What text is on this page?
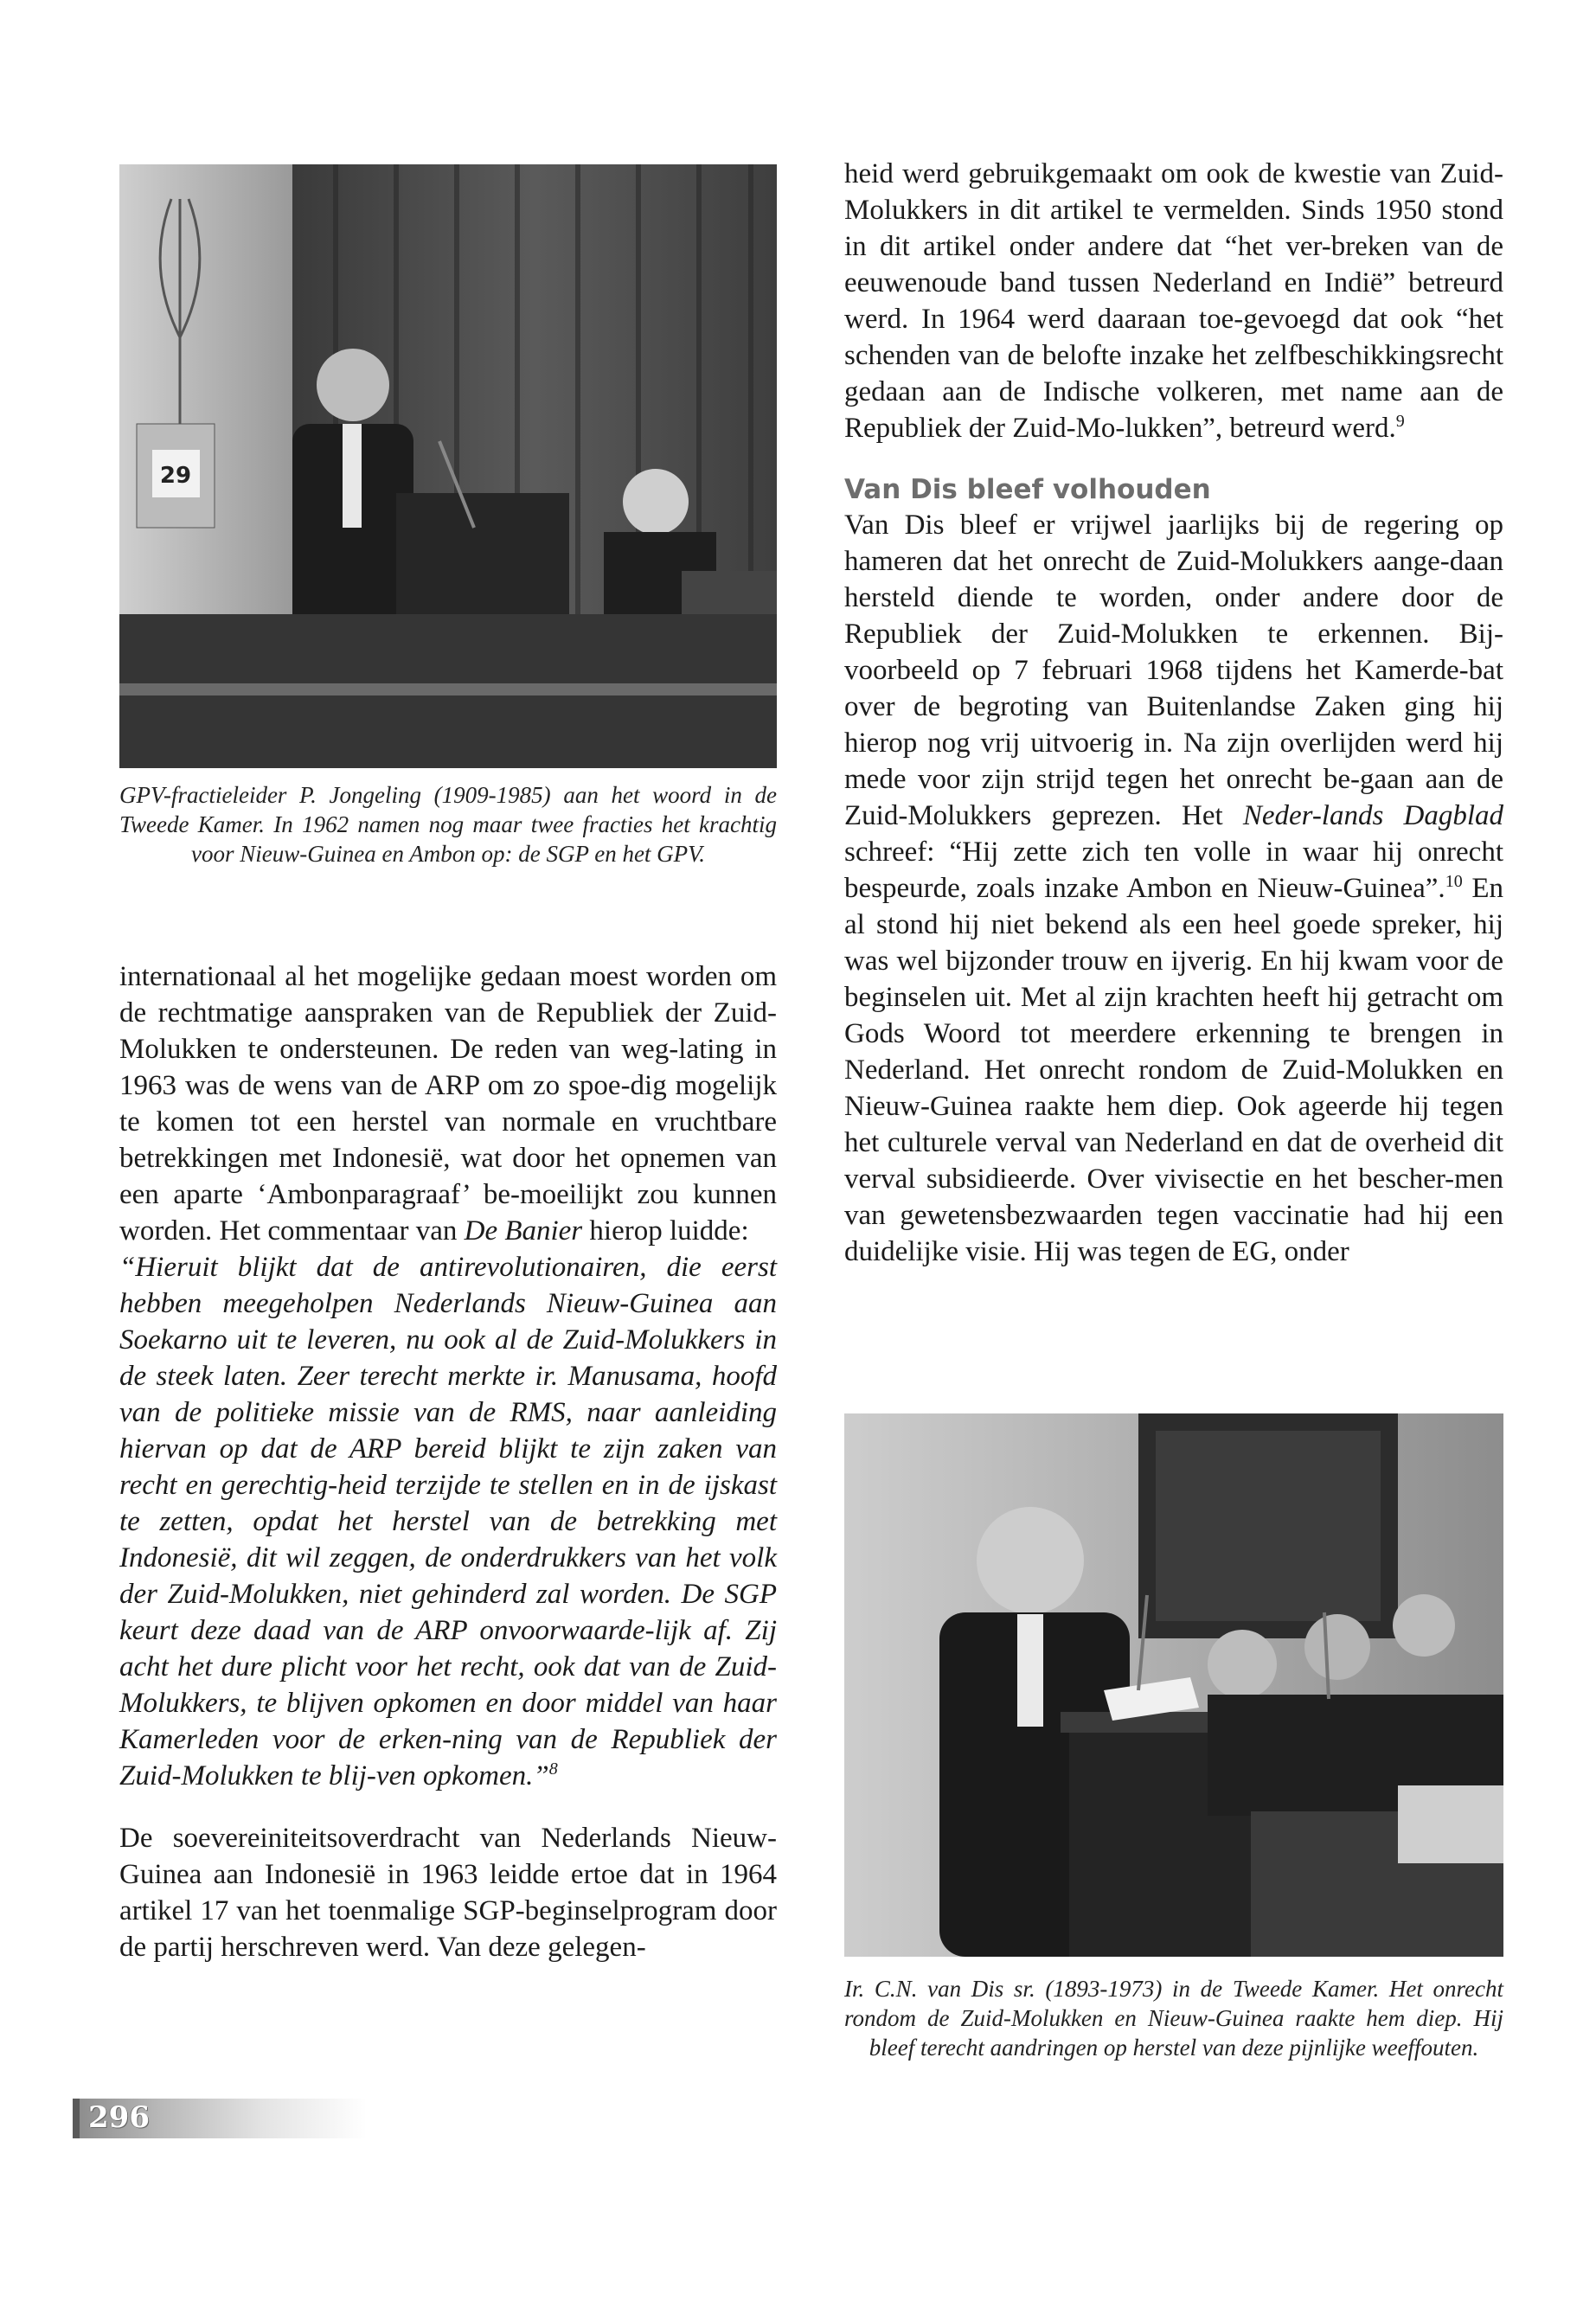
29
GPV-fractieleider P. Jongeling (1909-1985) aan het woord in de Tweede Kamer. In 1962 namen nog maar twee fracties het krachtig voor Nieuw-Guinea en Ambon op: de SGP en het GPV.
Ir. C.N. van Dis sr. (1893-1973) in de Tweede Kamer. Het onrecht rondom de Zuid-Molukken en Nieuw-Guinea raakte hem diep. Hij bleef terecht aandringen op herstel van deze pijnlijke weeffouten.

internationaal al het mogelijke gedaan moest worden om de rechtmatige aanspraken van de Republiek der Zuid-Molukken te ondersteunen. De reden van weg-lating in 1963 was de wens van de ARP om zo spoe-dig mogelijk te komen tot een herstel van normale en vruchtbare betrekkingen met Indonesië, wat door het opnemen van een aparte ‘Ambonparagraaf’ be-moeilijkt zou kunnen worden. Het commentaar van De Banier hierop luidde:

“Hieruit blijkt dat de antirevolutionairen, die eerst hebben meegeholpen Nederlands Nieuw-Guinea aan Soekarno uit te leveren, nu ook al de Zuid-Molukkers in de steek laten. Zeer terecht merkte ir. Manusama, hoofd van de politieke missie van de RMS, naar aanleiding hiervan op dat de ARP bereid blijkt te zijn zaken van recht en gerechtig-heid terzijde te stellen en in de ijskast te zetten, opdat het herstel van de betrekking met Indonesië, dit wil zeggen, de onderdrukkers van het volk der Zuid-Molukken, niet gehinderd zal worden. De SGP keurt deze daad van de ARP onvoorwaarde-lijk af. Zij acht het dure plicht voor het recht, ook dat van de Zuid-Molukkers, te blijven opkomen en door middel van haar Kamerleden voor de erken-ning van de Republiek der Zuid-Molukken te blij-ven opkomen.”$^8$

De soevereiniteitsoverdracht van Nederlands Nieuw-Guinea aan Indonesië in 1963 leidde ertoe dat in 1964 artikel 17 van het toenmalige SGP-beginselprogram door de partij herschreven werd. Van deze gelegen-

heid werd gebruikgemaakt om ook de kwestie van Zuid-Molukkers in dit artikel te vermelden. Sinds 1950 stond in dit artikel onder andere dat “het ver-breken van de eeuwenoude band tussen Nederland en Indië” betreurd werd. In 1964 werd daaraan toe-gevoegd dat ook “het schenden van de belofte inzake het zelfbeschikkingsrecht gedaan aan de Indische volkeren, met name aan de Republiek der Zuid-Mo-lukken”, betreurd werd.$^9$

Van Dis bleef volhouden

Van Dis bleef er vrijwel jaarlijks bij de regering op hameren dat het onrecht de Zuid-Molukkers aange-daan hersteld diende te worden, onder andere door de Republiek der Zuid-Molukken te erkennen. Bij-voorbeeld op 7 februari 1968 tijdens het Kamerde-bat over de begroting van Buitenlandse Zaken ging hij hierop nog vrij uitvoerig in. Na zijn overlijden werd hij mede voor zijn strijd tegen het onrecht be-gaan aan de Zuid-Molukkers geprezen. Het Neder-lands Dagblad schreef: “Hij zette zich ten volle in waar hij onrecht bespeurde, zoals inzake Ambon en Nieuw-Guinea”.$^{10}$ En al stond hij niet bekend als een heel goede spreker, hij was wel bijzonder trouw en ijverig. En hij kwam voor de beginselen uit. Met al zijn krachten heeft hij getracht om Gods Woord tot meerdere erkenning te brengen in Nederland. Het onrecht rondom de Zuid-Molukken en Nieuw-Guinea raakte hem diep. Ook ageerde hij tegen het culturele verval van Nederland en dat de overheid dit verval subsidieerde. Over vivisectie en het bescher-men van gewetensbezwaarden tegen vaccinatie had hij een duidelijke visie. Hij was tegen de EG, onder

296
